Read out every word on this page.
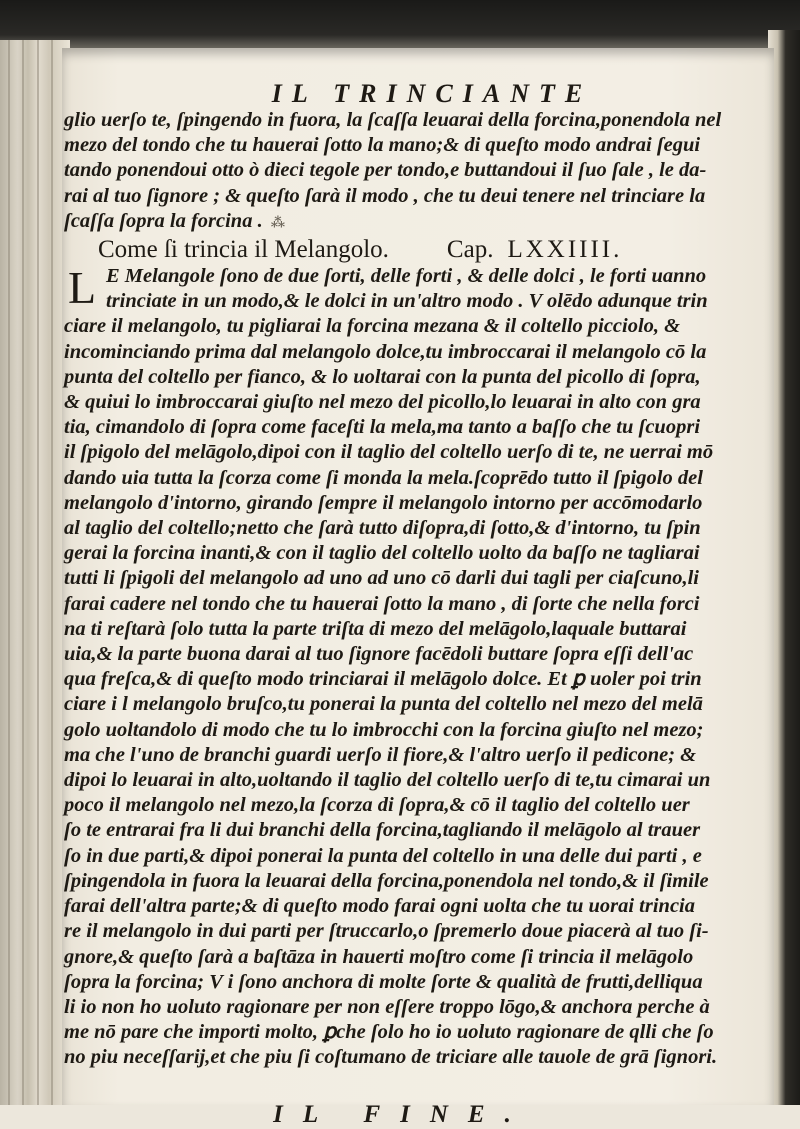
IL TRINCIANTE
glio uerſo te, ſpingendo in fuora, la ſcaſſa leuarai della forcina,ponendola nel
mezo del tondo che tu hauerai ſotto la mano;& di queſto modo andrai ſegui
tando ponendoui otto ò dieci tegole per tondo,e buttandoui il ſuo ſale , le da-
rai al tuo ſignore ; & queſto ſarà il modo , che tu deui tenere nel trinciare la
ſcaſſa ſopra la forcina . ⁂
Come ſi trincia il Melangolo. Cap. LXXIIII.
L E Melangole ſono de due ſorti, delle forti , & delle dolci , le forti uanno
trinciate in un modo,& le dolci in un'altro modo . V olēdo adunque trin
ciare il melangolo, tu pigliarai la forcina mezana & il coltello picciolo, &
incominciando prima dal melangolo dolce,tu imbroccarai il melangolo cō la
punta del coltello per fianco, & lo uoltarai con la punta del picollo di ſopra,
& quiui lo imbroccarai giuſto nel mezo del picollo,lo leuarai in alto con gra
tia, cimandolo di ſopra come faceſti la mela,ma tanto a baſſo che tu ſcuopri
il ſpigolo del melāgolo,dipoi con il taglio del coltello uerſo di te, ne uerrai mō
dando uia tutta la ſcorza come ſi monda la mela.ſcoprēdo tutto il ſpigolo del
melangolo d'intorno, girando ſempre il melangolo intorno per accōmodarlo
al taglio del coltello;netto che ſarà tutto diſopra,di ſotto,& d'intorno, tu ſpin
gerai la forcina inanti,& con il taglio del coltello uolto da baſſo ne tagliarai
tutti li ſpigoli del melangolo ad uno ad uno cō darli dui tagli per ciaſcuno,li
farai cadere nel tondo che tu hauerai ſotto la mano , di ſorte che nella forci
na ti reſtarà ſolo tutta la parte triſta di mezo del melāgolo,laquale buttarai
uia,& la parte buona darai al tuo ſignore facēdoli buttare ſopra eſſi dell'ac
qua freſca,& di queſto modo trinciarai il melāgolo dolce. Et ꝑ uoler poi trin
ciare i l melangolo bruſco,tu ponerai la punta del coltello nel mezo del melā
golo uoltandolo di modo che tu lo imbrocchi con la forcina giuſto nel mezo;
ma che l'uno de branchi guardi uerſo il fiore,& l'altro uerſo il pedicone; &
dipoi lo leuarai in alto,uoltando il taglio del coltello uerſo di te,tu cimarai un
poco il melangolo nel mezo,la ſcorza di ſopra,& cō il taglio del coltello uer
ſo te entrarai fra li dui branchi della forcina,tagliando il melāgolo al trauer
ſo in due parti,& dipoi ponerai la punta del coltello in una delle dui parti , e
ſpingendola in fuora la leuarai della forcina,ponendola nel tondo,& il ſimile
farai dell'altra parte;& di queſto modo farai ogni uolta che tu uorai trincia
re il melangolo in dui parti per ſtruccarlo,o ſpremerlo doue piacerà al tuo ſi-
gnore,& queſto ſarà a baſtāza in hauerti moſtro come ſi trincia il melāgolo
ſopra la forcina; V i ſono anchora di molte ſorte & qualità de frutti,delliqua
li io non ho uoluto ragionare per non eſſere troppo lōgo,& anchora perche à
me nō pare che importi molto, ꝑche ſolo ho io uoluto ragionare de qlli che ſo
no piu neceſſarij,et che piu ſi coſtumano de triciare alle tauole de grā ſignori.
IL FINE.
